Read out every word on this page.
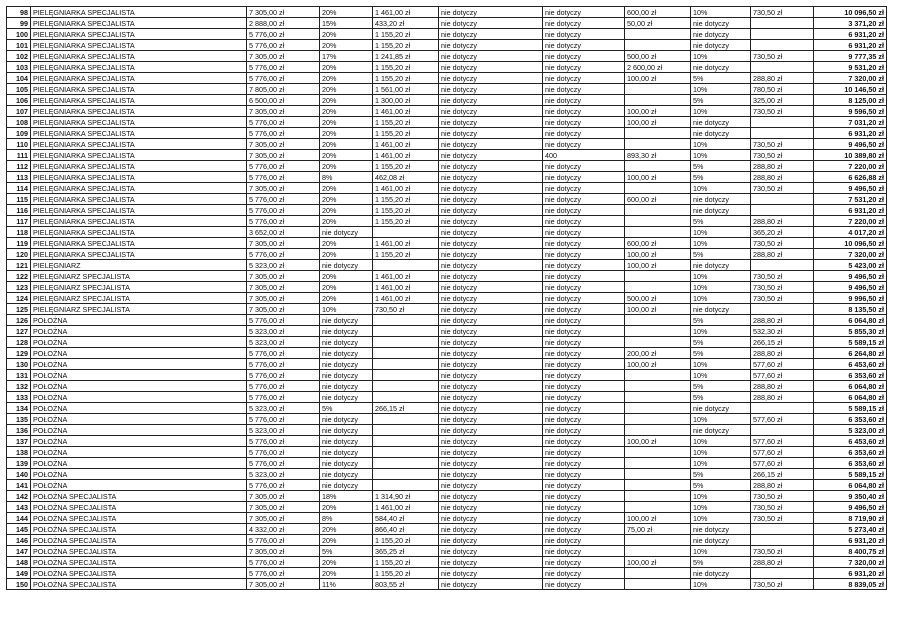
98	PIELĘGNIARKA SPECJALISTA	7 305,00 zł	20%	1 461,00 zł	nie dotyczy	nie dotyczy	600,00 zł	10%	730,50 zł	10 096,50 zł
99	PIELĘGNIARKA SPECJALISTA	2 888,00 zł	15%	433,20 zł	nie dotyczy	nie dotyczy	50,00 zł	nie dotyczy		3 371,20 zł
100	PIELĘGNIARKA SPECJALISTA	5 776,00 zł	20%	1 155,20 zł	nie dotyczy	nie dotyczy		nie dotyczy		6 931,20 zł
101	PIELĘGNIARKA SPECJALISTA	5 776,00 zł	20%	1 155,20 zł	nie dotyczy	nie dotyczy		nie dotyczy		6 931,20 zł
102	PIELĘGNIARKA SPECJALISTA	7 305,00 zł	17%	1 241,85 zł	nie dotyczy	nie dotyczy	500,00 zł	10%	730,50 zł	9 777,35 zł
103	PIELĘGNIARKA SPECJALISTA	5 776,00 zł	20%	1 155,20 zł	nie dotyczy	nie dotyczy	2 600,00 zł	nie dotyczy		9 531,20 zł
104	PIELĘGNIARKA SPECJALISTA	5 776,00 zł	20%	1 155,20 zł	nie dotyczy	nie dotyczy	100,00 zł	5%	288,80 zł	7 320,00 zł
105	PIELĘGNIARKA SPECJALISTA	7 805,00 zł	20%	1 561,00 zł	nie dotyczy	nie dotyczy		10%	780,50 zł	10 146,50 zł
106	PIELĘGNIARKA SPECJALISTA	6 500,00 zł	20%	1 300,00 zł	nie dotyczy	nie dotyczy		5%	325,00 zł	8 125,00 zł
107	PIELĘGNIARKA SPECJALISTA	7 305,00 zł	20%	1 461,00 zł	nie dotyczy	nie dotyczy	100,00 zł	10%	730,50 zł	9 596,50 zł
108	PIELĘGNIARKA SPECJALISTA	5 776,00 zł	20%	1 155,20 zł	nie dotyczy	nie dotyczy	100,00 zł	nie dotyczy		7 031,20 zł
109	PIELĘGNIARKA SPECJALISTA	5 776,00 zł	20%	1 155,20 zł	nie dotyczy	nie dotyczy		nie dotyczy		6 931,20 zł
110	PIELĘGNIARKA SPECJALISTA	7 305,00 zł	20%	1 461,00 zł	nie dotyczy	nie dotyczy		10%	730,50 zł	9 496,50 zł
111	PIELĘGNIARKA SPECJALISTA	7 305,00 zł	20%	1 461,00 zł	nie dotyczy	400	893,30 zł	10%	730,50 zł	10 389,80 zł
112	PIELĘGNIARKA SPECJALISTA	5 776,00 zł	20%	1 155,20 zł	nie dotyczy	nie dotyczy		5%	288,80 zł	7 220,00 zł
113	PIELĘGNIARKA SPECJALISTA	5 776,00 zł	8%	462,08 zł	nie dotyczy	nie dotyczy	100,00 zł	5%	288,80 zł	6 626,88 zł
114	PIELĘGNIARKA SPECJALISTA	7 305,00 zł	20%	1 461,00 zł	nie dotyczy	nie dotyczy		10%	730,50 zł	9 496,50 zł
115	PIELĘGNIARKA SPECJALISTA	5 776,00 zł	20%	1 155,20 zł	nie dotyczy	nie dotyczy	600,00 zł	nie dotyczy		7 531,20 zł
116	PIELĘGNIARKA SPECJALISTA	5 776,00 zł	20%	1 155,20 zł	nie dotyczy	nie dotyczy		nie dotyczy		6 931,20 zł
117	PIELĘGNIARKA SPECJALISTA	5 776,00 zł	20%	1 155,20 zł	nie dotyczy	nie dotyczy		5%	288,80 zł	7 220,00 zł
118	PIELĘGNIARKA SPECJALISTA	3 652,00 zł	nie dotyczy		nie dotyczy	nie dotyczy		10%	365,20 zł	4 017,20 zł
119	PIELĘGNIARKA SPECJALISTA	7 305,00 zł	20%	1 461,00 zł	nie dotyczy	nie dotyczy	600,00 zł	10%	730,50 zł	10 096,50 zł
120	PIELĘGNIARKA SPECJALISTA	5 776,00 zł	20%	1 155,20 zł	nie dotyczy	nie dotyczy	100,00 zł	5%	288,80 zł	7 320,00 zł
121	PIELĘGNIARZ	5 323,00 zł	nie dotyczy		nie dotyczy	nie dotyczy	100,00 zł	nie dotyczy		5 423,00 zł
122	PIELĘGNIARZ SPECJALISTA	7 305,00 zł	20%	1 461,00 zł	nie dotyczy	nie dotyczy		10%	730,50 zł	9 496,50 zł
123	PIELĘGNIARZ SPECJALISTA	7 305,00 zł	20%	1 461,00 zł	nie dotyczy	nie dotyczy		10%	730,50 zł	9 496,50 zł
124	PIELĘGNIARZ SPECJALISTA	7 305,00 zł	20%	1 461,00 zł	nie dotyczy	nie dotyczy	500,00 zł	10%	730,50 zł	9 996,50 zł
125	PIELĘGNIARZ SPECJALISTA	7 305,00 zł	10%	730,50 zł	nie dotyczy	nie dotyczy	100,00 zł	nie dotyczy		8 135,50 zł
126	POŁOŻNA	5 776,00 zł	nie dotyczy		nie dotyczy	nie dotyczy		5%	288,80 zł	6 064,80 zł
127	POŁOŻNA	5 323,00 zł	nie dotyczy		nie dotyczy	nie dotyczy		10%	532,30 zł	5 855,30 zł
128	POŁOŻNA	5 323,00 zł	nie dotyczy		nie dotyczy	nie dotyczy		5%	266,15 zł	5 589,15 zł
129	POŁOŻNA	5 776,00 zł	nie dotyczy		nie dotyczy	nie dotyczy	200,00 zł	5%	288,80 zł	6 264,80 zł
130	POŁOŻNA	5 776,00 zł	nie dotyczy		nie dotyczy	nie dotyczy	100,00 zł	10%	577,60 zł	6 453,60 zł
131	POŁOŻNA	5 776,00 zł	nie dotyczy		nie dotyczy	nie dotyczy		10%	577,60 zł	6 353,60 zł
132	POŁOŻNA	5 776,00 zł	nie dotyczy		nie dotyczy	nie dotyczy		5%	288,80 zł	6 064,80 zł
133	POŁOŻNA	5 776,00 zł	nie dotyczy		nie dotyczy	nie dotyczy		5%	288,80 zł	6 064,80 zł
134	POŁOŻNA	5 323,00 zł	5%	266,15 zł	nie dotyczy	nie dotyczy		nie dotyczy		5 589,15 zł
135	POŁOŻNA	5 776,00 zł	nie dotyczy		nie dotyczy	nie dotyczy		10%	577,60 zł	6 353,60 zł
136	POŁOŻNA	5 323,00 zł	nie dotyczy		nie dotyczy	nie dotyczy		nie dotyczy		5 323,00 zł
137	POŁOŻNA	5 776,00 zł	nie dotyczy		nie dotyczy	nie dotyczy	100,00 zł	10%	577,60 zł	6 453,60 zł
138	POŁOŻNA	5 776,00 zł	nie dotyczy		nie dotyczy	nie dotyczy		10%	577,60 zł	6 353,60 zł
139	POŁOŻNA	5 776,00 zł	nie dotyczy		nie dotyczy	nie dotyczy		10%	577,60 zł	6 353,60 zł
140	POŁOŻNA	5 323,00 zł	nie dotyczy		nie dotyczy	nie dotyczy		5%	266,15 zł	5 589,15 zł
141	POŁOŻNA	5 776,00 zł	nie dotyczy		nie dotyczy	nie dotyczy		5%	288,80 zł	6 064,80 zł
142	POŁOŻNA SPECJALISTA	7 305,00 zł	18%	1 314,90 zł	nie dotyczy	nie dotyczy		10%	730,50 zł	9 350,40 zł
143	POŁOŻNA SPECJALISTA	7 305,00 zł	20%	1 461,00 zł	nie dotyczy	nie dotyczy		10%	730,50 zł	9 496,50 zł
144	POŁOŻNA SPECJALISTA	7 305,00 zł	8%	584,40 zł	nie dotyczy	nie dotyczy	100,00 zł	10%	730,50 zł	8 719,90 zł
145	POŁOŻNA SPECJALISTA	4 332,00 zł	20%	866,40 zł	nie dotyczy	nie dotyczy	75,00 zł	nie dotyczy		5 273,40 zł
146	POŁOŻNA SPECJALISTA	5 776,00 zł	20%	1 155,20 zł	nie dotyczy	nie dotyczy		nie dotyczy		6 931,20 zł
147	POŁOŻNA SPECJALISTA	7 305,00 zł	5%	365,25 zł	nie dotyczy	nie dotyczy		10%	730,50 zł	8 400,75 zł
148	POŁOŻNA SPECJALISTA	5 776,00 zł	20%	1 155,20 zł	nie dotyczy	nie dotyczy	100,00 zł	5%	288,80 zł	7 320,00 zł
149	POŁOŻNA SPECJALISTA	5 776,00 zł	20%	1 155,20 zł	nie dotyczy	nie dotyczy		nie dotyczy		6 931,20 zł
150	POŁOŻNA SPECJALISTA	7 305,00 zł	11%	803,55 zł	nie dotyczy	nie dotyczy		10%	730,50 zł	8 839,05 zł
